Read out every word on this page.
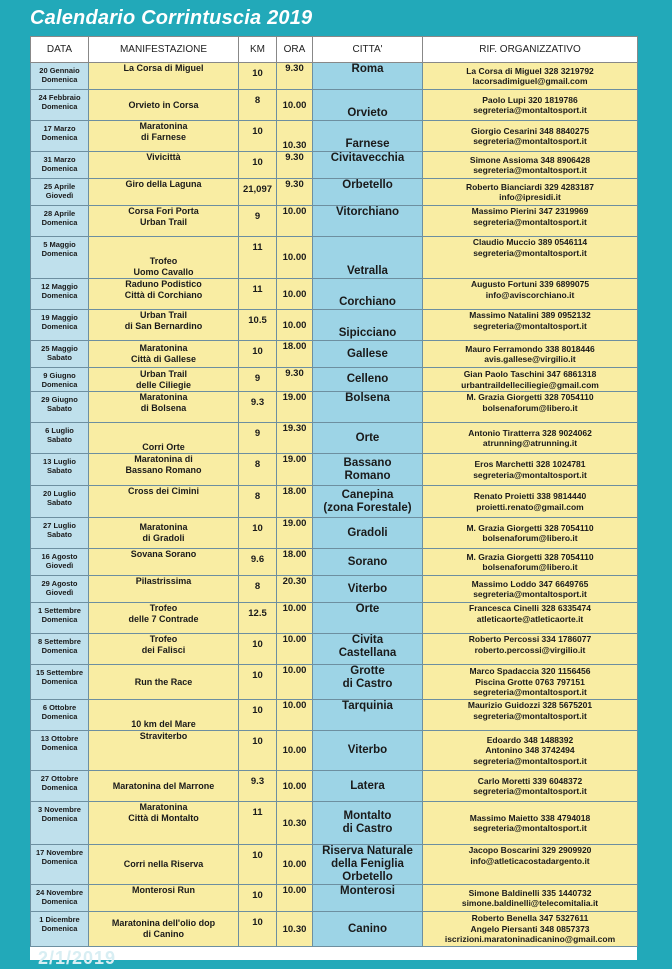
Calendario Corrintuscia 2019
DATA	MANIFESTAZIONE	KM	ORA	CITTA'	RIF. ORGANIZZATIVO

20 Gennaio
Domenica	La Corsa di Miguel	10	9.30	Roma	La Corsa di Miguel 328 3219792
lacorsadimiguel@gmail.com

24 Febbraio
Domenica	Orvieto in Corsa	8	10.00	Orvieto	Paolo Lupi 320 1819786
segreteria@montaltosport.it

17 Marzo
Domenica	Maratonina
di Farnese	10	10.30	Farnese	Giorgio Cesarini 348 8840275
segreteria@montaltosport.it

31 Marzo
Domenica	Vivicittà	10	9.30	Civitavecchia	Simone Assioma 348 8906428
segreteria@montaltosport.it

25 Aprile
Giovedì	Giro della Laguna	21,097	9.30	Orbetello	Roberto Bianciardi 329 4283187
info@ipresidi.it

28 Aprile
Domenica	Corsa Fori Porta
Urban Trail	9	10.00	Vitorchiano	Massimo Pierini 347 2319969
segreteria@montaltosport.it

5 Maggio
Domenica	Trofeo
Uomo Cavallo	11	10.00	Vetralla	Claudio Muccio 389 0546114
segreteria@montaltosport.it

12 Maggio
Domenica	Raduno Podistico
Città di Corchiano	11	10.00	Corchiano	Augusto Fortuni 339 6899075
info@aviscorchiano.it

19 Maggio
Domenica	Urban Trail
di San Bernardino	10.5	10.00	Sipicciano	Massimo Natalini 389 0952132
segreteria@montaltosport.it

25 Maggio
Sabato	Maratonina
Città di Gallese	10	18.00	Gallese	Mauro Ferramondo 338 8018446
avis.gallese@virgilio.it

9 Giugno
Domenica	Urban Trail
delle Ciliegie	9	9.30	Celleno	Gian Paolo Taschini 347 6861318
urbantraildelleciliegie@gmail.com

29 Giugno
Sabato	Maratonina
di Bolsena	9.3	19.00	Bolsena	M. Grazia Giorgetti 328 7054110
bolsenaforum@libero.it

6 Luglio
Sabato	Corri Orte	9	19.30	Orte	Antonio Tiratterra 328 9024062
atrunning@atrunning.it

13 Luglio
Sabato	Maratonina di
Bassano Romano	8	19.00	Bassano
Romano	Eros Marchetti 328 1024781
segreteria@montaltosport.it

20 Luglio
Sabato	Cross dei Cimini	8	18.00	Canepina
(zona Forestale)	Renato Proietti 338 9814440
proietti.renato@gmail.com

27 Luglio
Sabato	Maratonina
di Gradoli	10	19.00	Gradoli	M. Grazia Giorgetti 328 7054110
bolsenaforum@libero.it

16 Agosto
Giovedì	Sovana Sorano	9.6	18.00	Sorano	M. Grazia Giorgetti 328 7054110
bolsenaforum@libero.it

29 Agosto
Giovedì	Pilastrissima	8	20.30	Viterbo	Massimo Loddo 347 6649765
segreteria@montaltosport.it

1 Settembre
Domenica	Trofeo
delle 7 Contrade	12.5	10.00	Orte	Francesca Cinelli 328 6335474
atleticaorte@atleticaorte.it

8 Settembre
Domenica	Trofeo
dei Falisci	10	10.00	Civita
Castellana	Roberto Percossi 334 1786077
roberto.percossi@virgilio.it

15 Settembre
Domenica	Run the Race	10	10.00	Grotte
di Castro	Marco Spadaccia 320 1156456
Piscina Grotte 0763 797151
segreteria@montaltosport.it

6 Ottobre
Domenica	10 km del Mare	10	10.00	Tarquinia	Maurizio Guidozzi 328 5675201
segreteria@montaltosport.it

13 Ottobre
Domenica	Straviterbo	10	10.00	Viterbo	Edoardo 348 1488392
Antonino 348 3742494
segreteria@montaltosport.it

27 Ottobre
Domenica	Maratonina del Marrone	9.3	10.00	Latera	Carlo Moretti 339 6048372
segreteria@montaltosport.it

3 Novembre
Domenica	Maratonina
Città di Montalto	11	10.30	Montalto
di Castro	Massimo Maietto 338 4794018
segreteria@montaltosport.it

17 Novembre
Domenica	Corri nella Riserva	10	10.00	Riserva Naturale
della Feniglia
Orbetello	Jacopo Boscarini 329 2909920
info@atleticacostadargento.it

24 Novembre
Domenica	Monterosi Run	10	10.00	Monterosi	Simone Baldinelli 335 1440732
simone.baldinelli@telecomitalia.it

1 Dicembre
Domenica	Maratonina dell'olio dop
di Canino	10	10.30	Canino	Roberto Benella 347 5327611
Angelo Piersanti 348 0857373
iscrizioni.maratoninadicanino@gmail.com
2/1/2019
